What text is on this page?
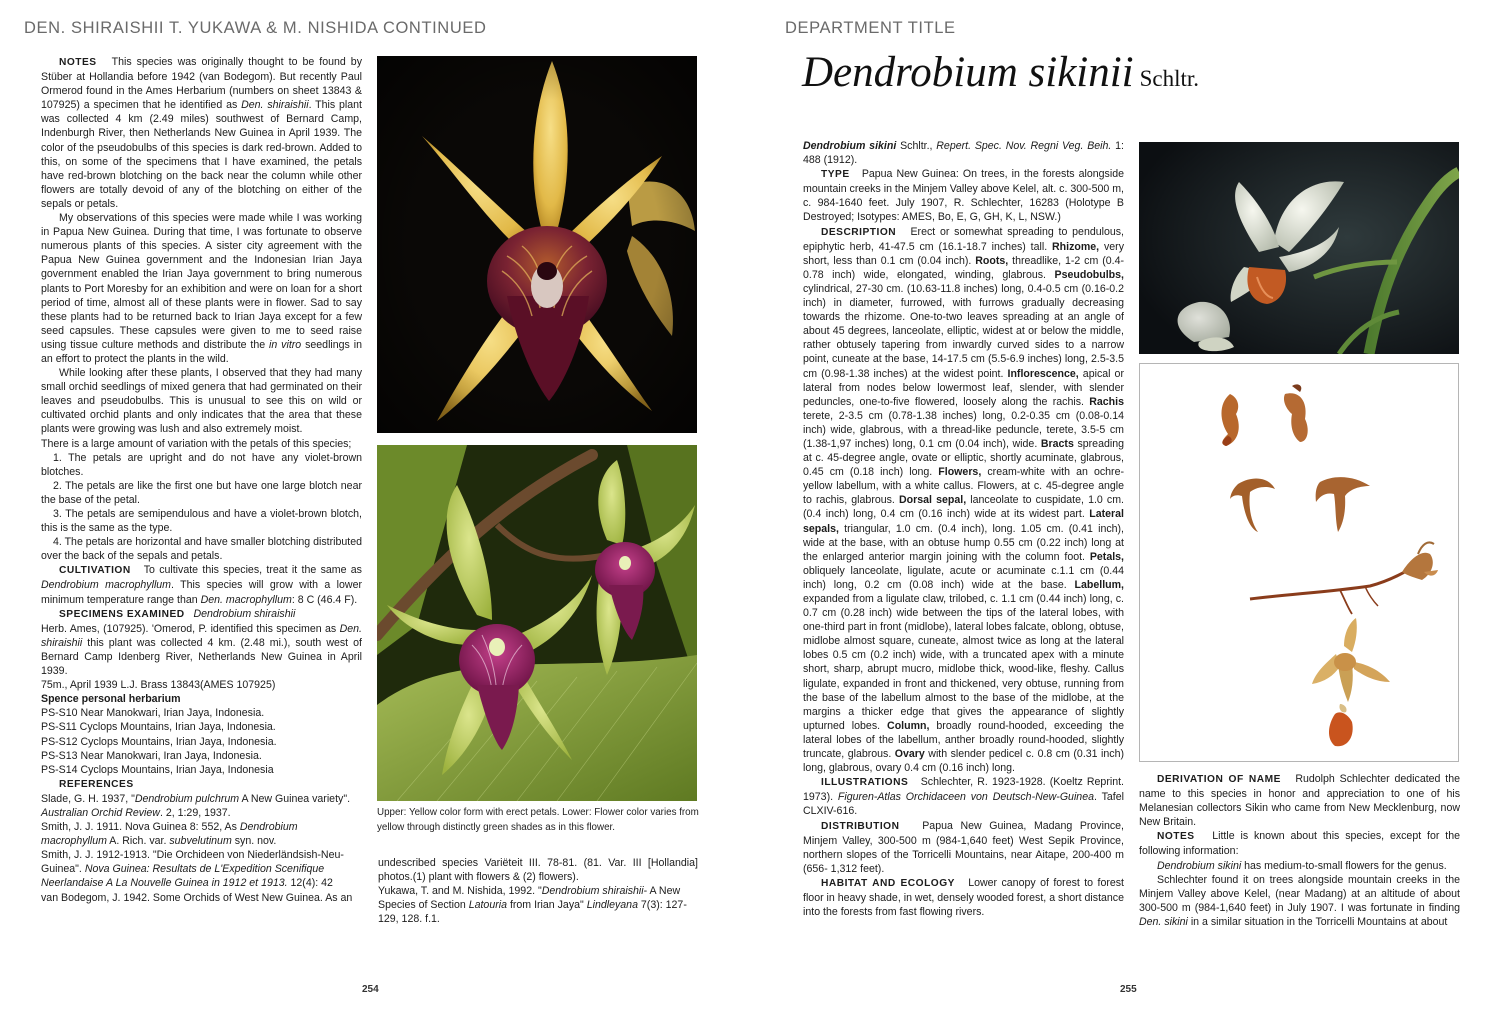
DEN. SHIRAISHII T. YUKAWA & M. NISHIDA CONTINUED

NOTES This species was originally thought to be found by Stüber at Hollandia before 1942 (van Bodegom). But recently Paul Ormerod found in the Ames Herbarium (numbers on sheet 13843 & 107925) a specimen that he identified as Den. shiraishii. This plant was collected 4 km (2.49 miles) southwest of Bernard Camp, Indenburgh River, then Netherlands New Guinea in April 1939. The color of the pseudobulbs of this species is dark red-brown. Added to this, on some of the specimens that I have examined, the petals have red-brown blotching on the back near the column while other flowers are totally devoid of any of the blotching on either of the sepals or petals.

My observations of this species were made while I was working in Papua New Guinea. During that time, I was fortunate to observe numerous plants of this species. A sister city agreement with the Papua New Guinea government and the Indonesian Irian Jaya government enabled the Irian Jaya government to bring numerous plants to Port Moresby for an exhibition and were on loan for a short period of time, almost all of these plants were in flower. Sad to say these plants had to be returned back to Irian Jaya except for a few seed capsules. These capsules were given to me to seed raise using tissue culture methods and distribute the in vitro seedlings in an effort to protect the plants in the wild.

While looking after these plants, I observed that they had many small orchid seedlings of mixed genera that had germinated on their leaves and pseudobulbs. This is unusual to see this on wild or cultivated orchid plants and only indicates that the area that these plants were growing was lush and also extremely moist.

There is a large amount of variation with the petals of this species;

1. The petals are upright and do not have any violet-brown blotches.

2. The petals are like the first one but have one large blotch near the base of the petal.

3. The petals are semipendulous and have a violet-brown blotch, this is the same as the type.

4. The petals are horizontal and have smaller blotching distributed over the back of the sepals and petals.

CULTIVATION To cultivate this species, treat it the same as Dendrobium macrophyllum. This species will grow with a lower minimum temperature range than Den. macrophyllum: 8 C (46.4 F).

SPECIMENS EXAMINED Dendrobium shiraishii

Herb. Ames, (107925). 'Omerod, P. identified this specimen as Den. shiraishii this plant was collected 4 km. (2.48 mi.), south west of Bernard Camp Idenberg River, Netherlands New Guinea in April 1939.

75m., April 1939 L.J. Brass 13843(AMES 107925)

Spence personal herbarium

PS-S10 Near Manokwari, Irian Jaya, Indonesia.

PS-S11 Cyclops Mountains, Irian Jaya, Indonesia.

PS-S12 Cyclops Mountains, Irian Jaya, Indonesia.

PS-S13 Near Manokwari, Iran Jaya, Indonesia.

PS-S14 Cyclops Mountains, Irian Jaya, Indonesia

REFERENCES

Slade, G. H. 1937, "Dendrobium pulchrum A New Guinea variety". Australian Orchid Review. 2, 1:29, 1937.

Smith, J. J. 1911. Nova Guinea 8: 552, As Dendrobium macrophyllum A. Rich. var. subvelutinum syn. nov.

Smith, J. J. 1912-1913. "Die Orchideen von Niederländsish-Neu-Guinea". Nova Guinea: Resultats de L'Expedition Scenifique Neerlandaise A La Nouvelle Guinea in 1912 et 1913. 12(4): 42

van Bodegom, J. 1942. Some Orchids of West New Guinea. As an

Upper: Yellow color form with erect petals. Lower: Flower color varies from yellow through distinctly green shades as in this flower.

undescribed species Variëteit III. 78-81. (81. Var. III [Hollandia] photos.(1) plant with flowers & (2) flowers).

Yukawa, T. and M. Nishida, 1992. "Dendrobium shiraishii- A New Species of Section Latouria from Irian Jaya" Lindleyana 7(3): 127-129, 128. f.1.

254
DEPARTMENT TITLE
Dendrobium sikinii Schltr.

Dendrobium sikini Schltr., Repert. Spec. Nov. Regni Veg. Beih. 1: 488 (1912).

TYPE Papua New Guinea: On trees, in the forests alongside mountain creeks in the Minjem Valley above Kelel, alt. c. 300-500 m, c. 984-1640 feet. July 1907, R. Schlechter, 16283 (Holotype B Destroyed; Isotypes: AMES, Bo, E, G, GH, K, L, NSW.)

DESCRIPTION Erect or somewhat spreading to pendulous, epiphytic herb, 41-47.5 cm (16.1-18.7 inches) tall. Rhizome, very short, less than 0.1 cm (0.04 inch). Roots, threadlike, 1-2 cm (0.4- 0.78 inch) wide, elongated, winding, glabrous. Pseudobulbs, cylindrical, 27-30 cm. (10.63-11.8 inches) long, 0.4-0.5 cm (0.16-0.2 inch) in diameter, furrowed, with furrows gradually decreasing towards the rhizome. One-to-two leaves spreading at an angle of about 45 degrees, lanceolate, elliptic, widest at or below the middle, rather obtusely tapering from inwardly curved sides to a narrow point, cuneate at the base, 14-17.5 cm (5.5-6.9 inches) long, 2.5-3.5 cm (0.98-1.38 inches) at the widest point. Inflorescence, apical or lateral from nodes below lowermost leaf, slender, with slender peduncles, one-to-five flowered, loosely along the rachis. Rachis terete, 2-3.5 cm (0.78-1.38 inches) long, 0.2-0.35 cm (0.08-0.14 inch) wide, glabrous, with a thread-like peduncle, terete, 3.5-5 cm (1.38-1,97 inches) long, 0.1 cm (0.04 inch), wide. Bracts spreading at c. 45-degree angle, ovate or elliptic, shortly acuminate, glabrous, 0.45 cm (0.18 inch) long. Flowers, cream-white with an ochre-yellow labellum, with a white callus. Flowers, at c. 45-degree angle to rachis, glabrous. Dorsal sepal, lanceolate to cuspidate, 1.0 cm. (0.4 inch) long, 0.4 cm (0.16 inch) wide at its widest part. Lateral sepals, triangular, 1.0 cm. (0.4 inch), long. 1.05 cm. (0.41 inch), wide at the base, with an obtuse hump 0.55 cm (0.22 inch) long at the enlarged anterior margin joining with the column foot. Petals, obliquely lanceolate, ligulate, acute or acuminate c.1.1 cm (0.44 inch) long, 0.2 cm (0.08 inch) wide at the base. Labellum, expanded from a ligulate claw, trilobed, c. 1.1 cm (0.44 inch) long, c. 0.7 cm (0.28 inch) wide between the tips of the lateral lobes, with one-third part in front (midlobe), lateral lobes falcate, oblong, obtuse, midlobe almost square, cuneate, almost twice as long at the lateral lobes 0.5 cm (0.2 inch) wide, with a truncated apex with a minute short, sharp, abrupt mucro, midlobe thick, wood-like, fleshy. Callus ligulate, expanded in front and thickened, very obtuse, running from the base of the labellum almost to the base of the midlobe, at the margins a thicker edge that gives the appearance of slightly upturned lobes. Column, broadly round-hooded, exceeding the lateral lobes of the labellum, anther broadly round-hooded, slightly truncate, glabrous. Ovary with slender pedicel c. 0.8 cm (0.31 inch) long, glabrous, ovary 0.4 cm (0.16 inch) long.

ILLUSTRATIONS Schlechter, R. 1923-1928. (Koeltz Reprint. 1973). Figuren-Atlas Orchidaceen von Deutsch-New-Guinea. Tafel CLXIV-616.

DISTRIBUTION Papua New Guinea, Madang Province, Minjem Valley, 300-500 m (984-1,640 feet) West Sepik Province, northern slopes of the Torricelli Mountains, near Aitape, 200-400 m (656- 1,312 feet).

HABITAT AND ECOLOGY Lower canopy of forest to forest floor in heavy shade, in wet, densely wooded forest, a short distance into the forests from fast flowing rivers.

DERIVATION OF NAME Rudolph Schlechter dedicated the name to this species in honor and appreciation to one of his Melanesian collectors Sikin who came from New Mecklenburg, now New Britain.

NOTES Little is known about this species, except for the following information:

Dendrobium sikini has medium-to-small flowers for the genus.

Schlechter found it on trees alongside mountain creeks in the Minjem Valley above Kelel, (near Madang) at an altitude of about 300-500 m (984-1,640 feet) in July 1907. I was fortunate in finding Den. sikini in a similar situation in the Torricelli Mountains at about

255
